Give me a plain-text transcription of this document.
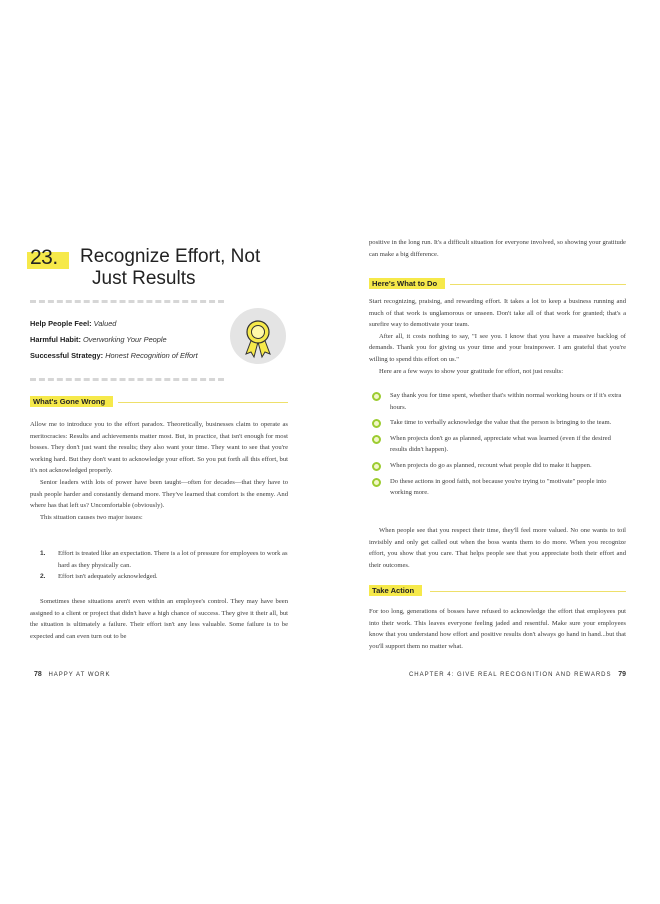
23. Recognize Effort, Not
Just Results
Help People Feel: Valued
Harmful Habit: Overworking Your People
Successful Strategy: Honest Recognition of Effort
What's Gone Wrong

Allow me to introduce you to the effort paradox. Theoretically, businesses claim to operate as meritocracies: Results and achievements matter most. But, in practice, that isn't enough for most bosses. They don't just want the results; they also want your time. They want to see that you're working hard. But they don't want to acknowledge your effort. So you put forth all this effort, but it's not acknowledged properly.

Senior leaders with lots of power have been taught—often for decades—that they have to push people harder and constantly demand more. They've learned that comfort is the enemy. And where has that left us? Uncomfortable (obviously).

This situation causes two major issues:

1. Effort is treated like an expectation. There is a lot of pressure for employees to work as hard as they physically can.
2. Effort isn't adequately acknowledged.

Sometimes these situations aren't even within an employee's control. They may have been assigned to a client or project that didn't have a high chance of success. They give it their all, but the situation is ultimately a failure. Their effort isn't any less valuable. Some failure is to be expected and can even turn out to be

78 HAPPY AT WORK

positive in the long run. It's a difficult situation for everyone involved, so showing your gratitude can make a big difference.

Here's What to Do

Start recognizing, praising, and rewarding effort. It takes a lot to keep a business running and much of that work is unglamorous or unseen. Don't take all of that work for granted; that's a surefire way to demotivate your team.

After all, it costs nothing to say, "I see you. I know that you have a massive backlog of demands. Thank you for giving us your time and your brainpower. I am grateful that you're willing to spend this effort on us."

Here are a few ways to show your gratitude for effort, not just results:

Say thank you for time spent, whether that's within normal working hours or if it's extra hours.
Take time to verbally acknowledge the value that the person is bringing to the team.
When projects don't go as planned, appreciate what was learned (even if the desired results didn't happen).
When projects do go as planned, recount what people did to make it happen.
Do these actions in good faith, not because you're trying to "motivate" people into working more.

When people see that you respect their time, they'll feel more valued. No one wants to toil invisibly and only get called out when the boss wants them to do more. When you recognize effort, you show that you care. That helps people see that you appreciate both their effort and their outcomes.

Take Action

For too long, generations of bosses have refused to acknowledge the effort that employees put into their work. This leaves everyone feeling jaded and resentful. Make sure your employees know that you understand how effort and positive results don't always go hand in hand...but that you'll support them no matter what.

CHAPTER 4: GIVE REAL RECOGNITION AND REWARDS 79
